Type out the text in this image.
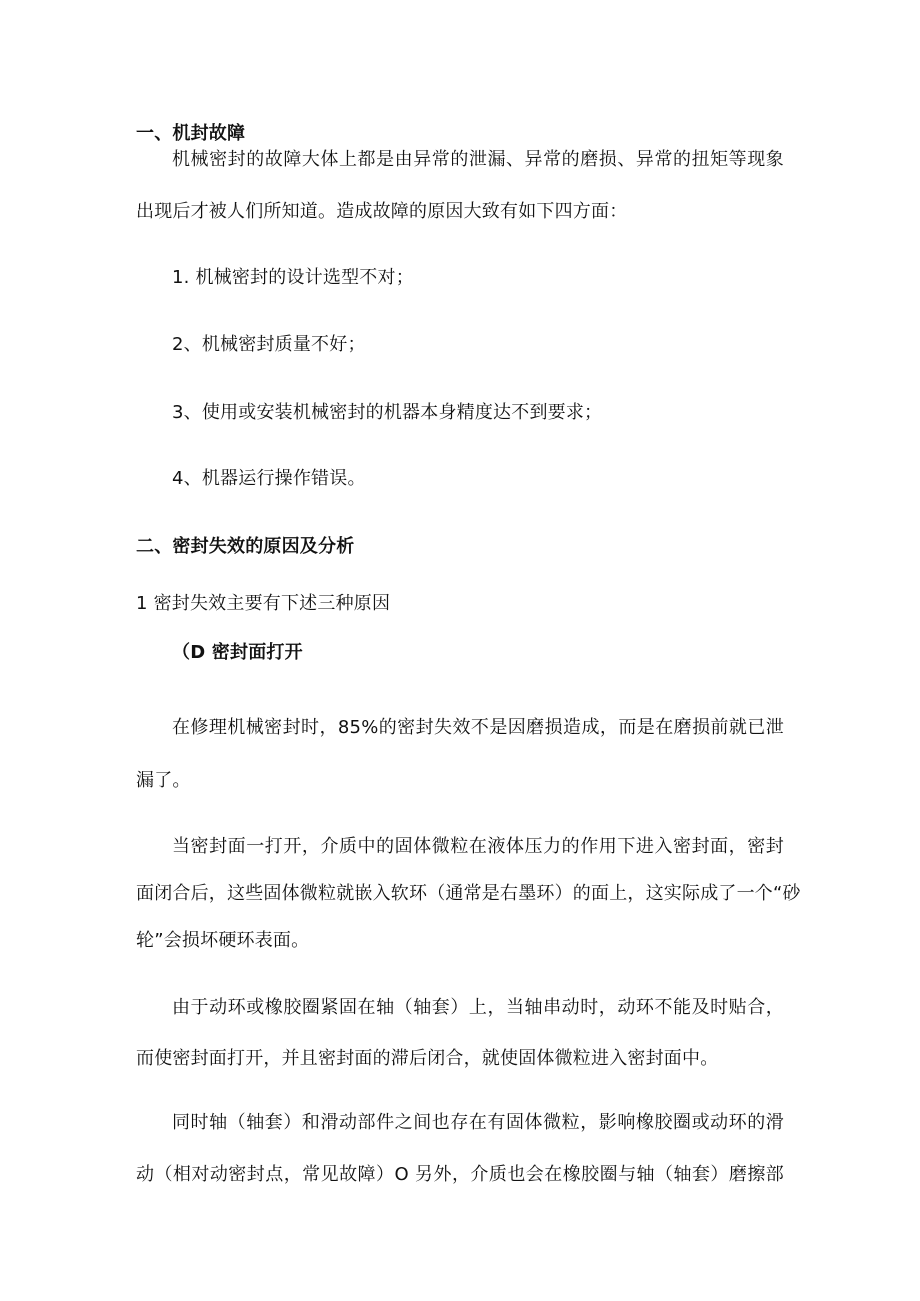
一、机封故障
机械密封的故障大体上都是由异常的泄漏、异常的磨损、异常的扭矩等现象
出现后才被人们所知道。造成故障的原因大致有如下四方面：
1. 机械密封的设计选型不对；
2、机械密封质量不好；
3、使用或安装机械密封的机器本身精度达不到要求；
4、机器运行操作错误。
二、密封失效的原因及分析
1 密封失效主要有下述三种原因
（D 密封面打开
在修理机械密封时，85%的密封失效不是因磨损造成，而是在磨损前就已泄
漏了。
当密封面一打开，介质中的固体微粒在液体压力的作用下进入密封面，密封
面闭合后，这些固体微粒就嵌入软环（通常是右墨环）的面上，这实际成了一个“砂
轮”会损坏硬环表面。
由于动环或橡胶圈紧固在轴（轴套）上，当轴串动时，动环不能及时贴合，
而使密封面打开，并且密封面的滞后闭合，就使固体微粒进入密封面中。
同时轴（轴套）和滑动部件之间也存在有固体微粒，影响橡胶圈或动环的滑
动（相对动密封点，常见故障）O 另外，介质也会在橡胶圈与轴（轴套）磨擦部
